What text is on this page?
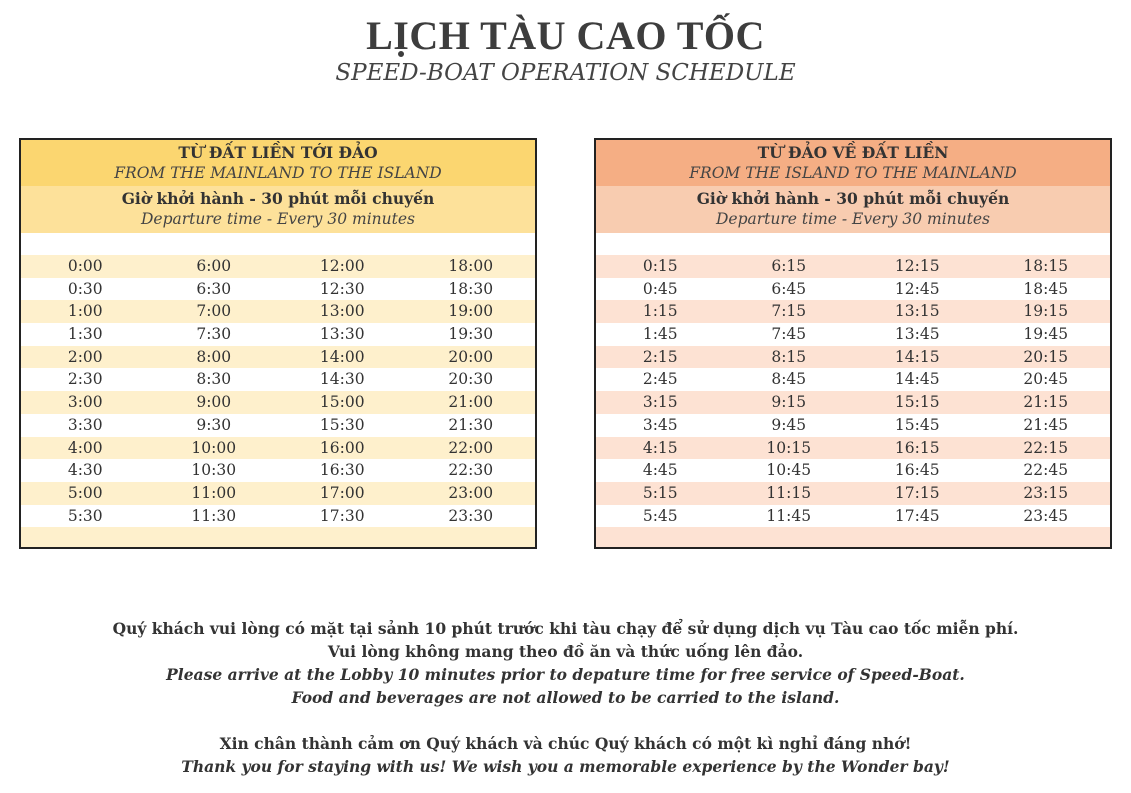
LỊCH TÀU CAO TỐC
SPEED-BOAT OPERATION SCHEDULE
TỪ ĐẤT LIỀN TỚI ĐẢO
FROM THE MAINLAND TO THE ISLAND
Giờ khởi hành - 30 phút mỗi chuyến
Departure time - Every 30 minutes
0:00	6:00	12:00	18:00
0:30	6:30	12:30	18:30
1:00	7:00	13:00	19:00
1:30	7:30	13:30	19:30
2:00	8:00	14:00	20:00
2:30	8:30	14:30	20:30
3:00	9:00	15:00	21:00
3:30	9:30	15:30	21:30
4:00	10:00	16:00	22:00
4:30	10:30	16:30	22:30
5:00	11:00	17:00	23:00
5:30	11:30	17:30	23:30
TỪ ĐẢO VỀ ĐẤT LIỀN
FROM THE ISLAND TO THE MAINLAND
Giờ khởi hành - 30 phút mỗi chuyến
Departure time - Every 30 minutes
0:15	6:15	12:15	18:15
0:45	6:45	12:45	18:45
1:15	7:15	13:15	19:15
1:45	7:45	13:45	19:45
2:15	8:15	14:15	20:15
2:45	8:45	14:45	20:45
3:15	9:15	15:15	21:15
3:45	9:45	15:45	21:45
4:15	10:15	16:15	22:15
4:45	10:45	16:45	22:45
5:15	11:15	17:15	23:15
5:45	11:45	17:45	23:45
Quý khách vui lòng có mặt tại sảnh 10 phút trước khi tàu chạy để sử dụng dịch vụ Tàu cao tốc miễn phí.
Vui lòng không mang theo đồ ăn và thức uống lên đảo.
Please arrive at the Lobby 10 minutes prior to depature time for free service of Speed-Boat.
Food and beverages are not allowed to be carried to the island.
Xin chân thành cảm ơn Quý khách và chúc Quý khách có một kì nghỉ đáng nhớ!
Thank you for staying with us! We wish you a memorable experience by the Wonder bay!
